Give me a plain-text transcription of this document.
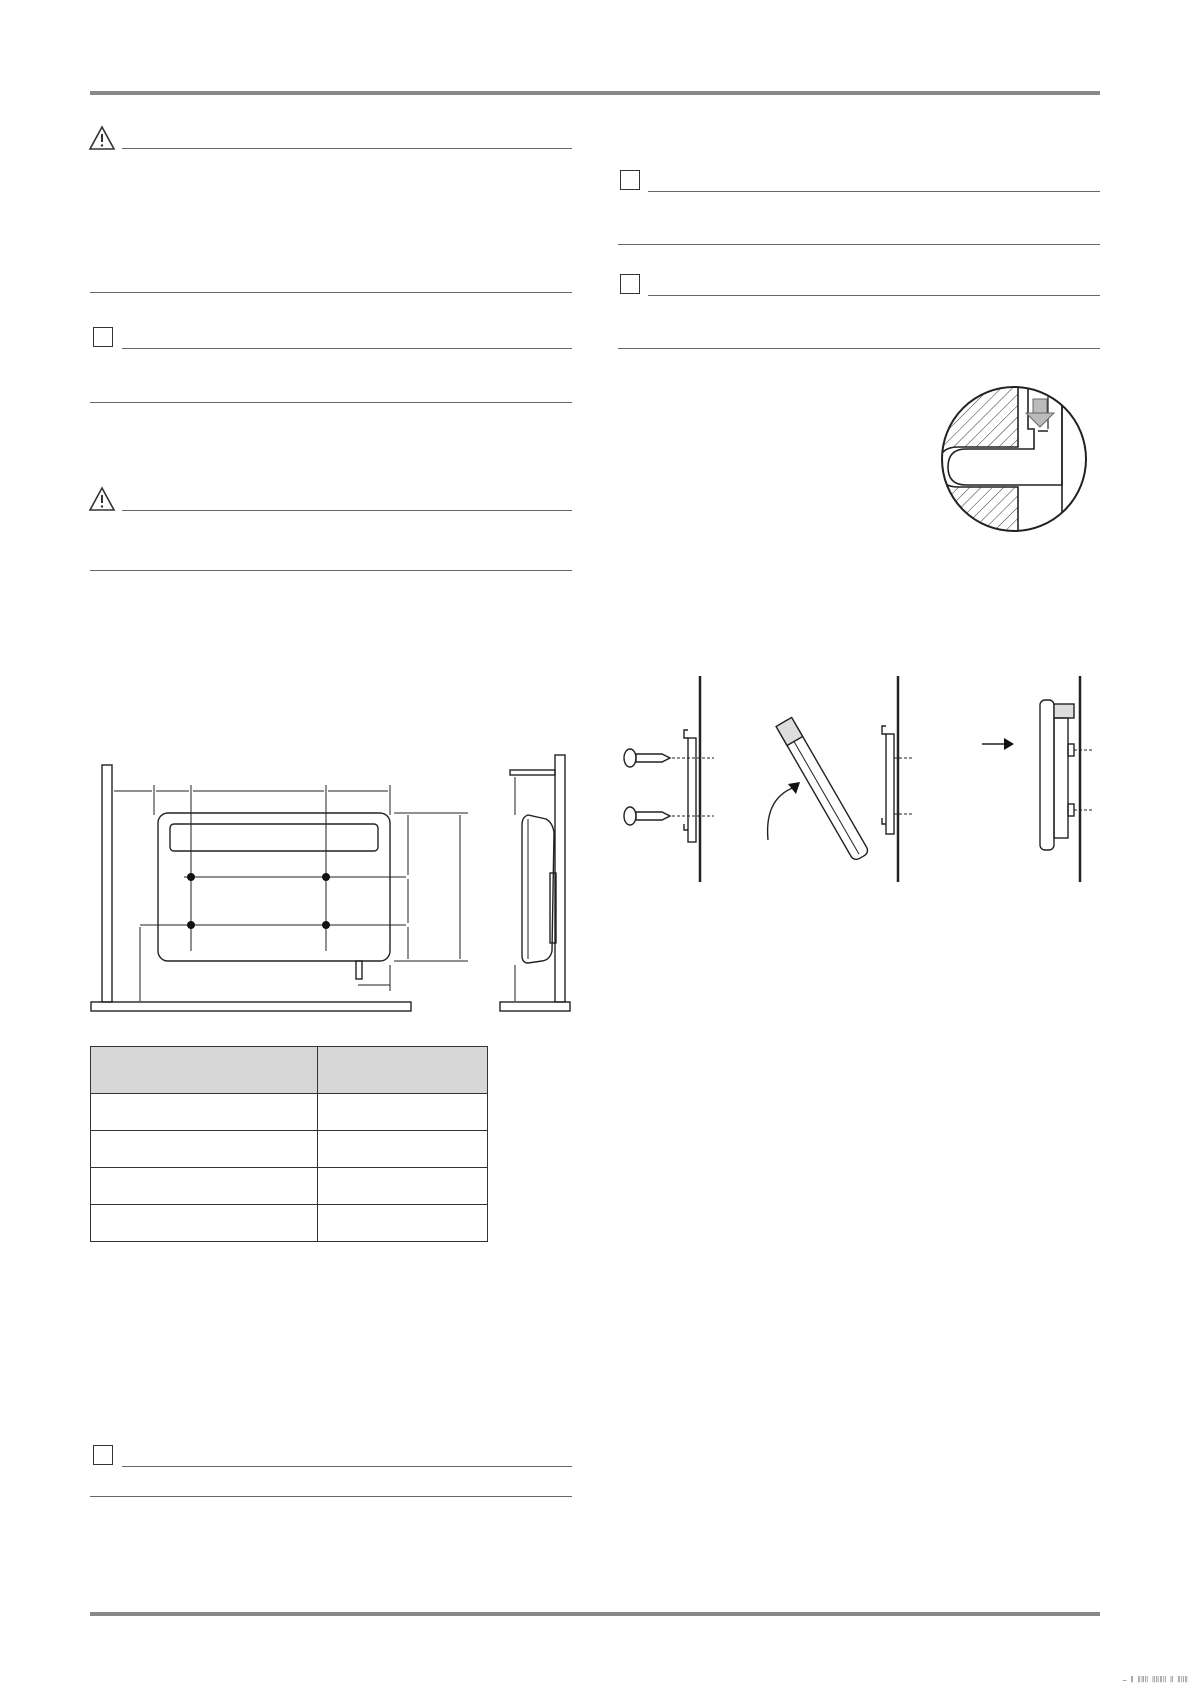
… ‖ ‖‖‖ ‖‖‖‖ ‖ ‖‖‖
